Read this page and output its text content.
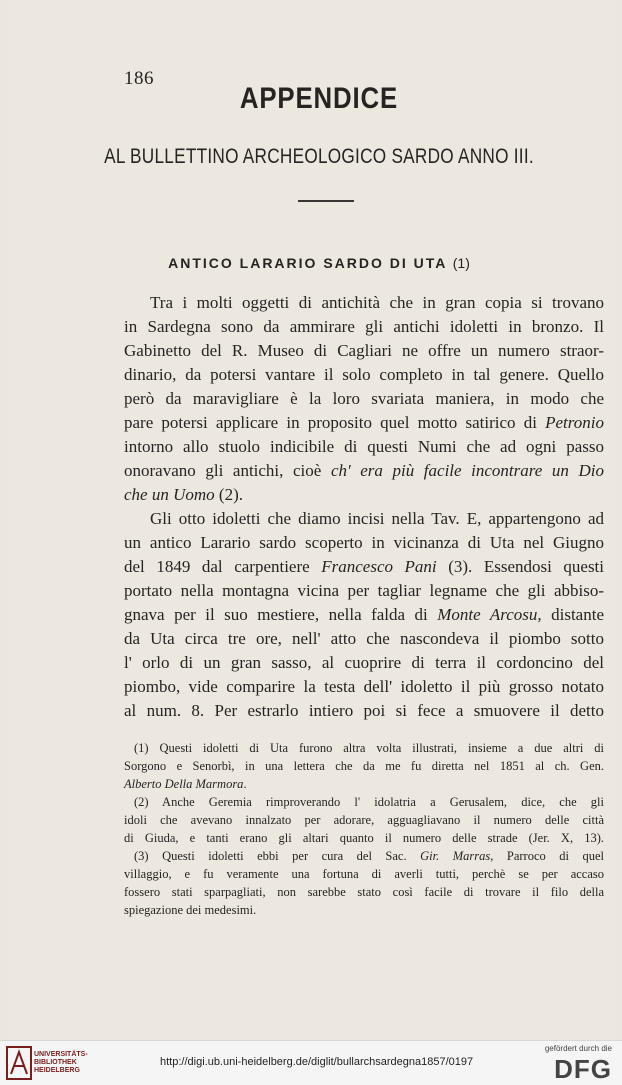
186
APPENDICE
AL BULLETTINO ARCHEOLOGICO SARDO ANNO III.
ANTICO LARARIO SARDO DI UTA (1)
Tra i molti oggetti di antichità che in gran copia si trovano
in Sardegna sono da ammirare gli antichi idoletti in bronzo. Il
Gabinetto del R. Museo di Cagliari ne offre un numero straor-
dinario, da potersi vantare il solo completo in tal genere. Quello
però da maravigliare è la loro svariata maniera, in modo che
pare potersi applicare in proposito quel motto satirico di Petronio
intorno allo stuolo indicibile di questi Numi che ad ogni passo
onoravano gli antichi, cioè ch' era più facile incontrare un Dio
che un Uomo (2).
Gli otto idoletti che diamo incisi nella Tav. E, appartengono ad
un antico Larario sardo scoperto in vicinanza di Uta nel Giugno
del 1849 dal carpentiere Francesco Pani (3). Essendosi questi
portato nella montagna vicina per tagliar legname che gli abbiso-
gnava per il suo mestiere, nella falda di Monte Arcosu, distante
da Uta circa tre ore, nell' atto che nascondeva il piombo sotto
l' orlo di un gran sasso, al cuoprire di terra il cordoncino del
piombo, vide comparire la testa dell' idoletto il più grosso notato
al num. 8. Per estrarlo intiero poi si fece a smuovere il detto
(1) Questi idoletti di Uta furono altra volta illustrati, insieme a due altri di
Sorgono e Senorbì, in una lettera che da me fu diretta nel 1851 al ch. Gen.
Alberto Della Marmora.
(2) Anche Geremia rimproverando l' idolatria a Gerusalem, dice, che gli
idoli che avevano innalzato per adorare, agguagliavano il numero delle città
di Giuda, e tanti erano gli altari quanto il numero delle strade (Jer. X, 13).
(3) Questi idoletti ebbi per cura del Sac. Gir. Marras, Parroco di quel
villaggio, e fu veramente una fortuna di averli tutti, perchè se per accaso
fossero stati sparpagliati, non sarebbe stato così facile di trovare il filo della
spiegazione dei medesimi.
UNIVERSITÄTS-
BIBLIOTHEK
HEIDELBERG
http://digi.ub.uni-heidelberg.de/diglit/bullarchsardegna1857/0197
gefördert durch die
DFG
